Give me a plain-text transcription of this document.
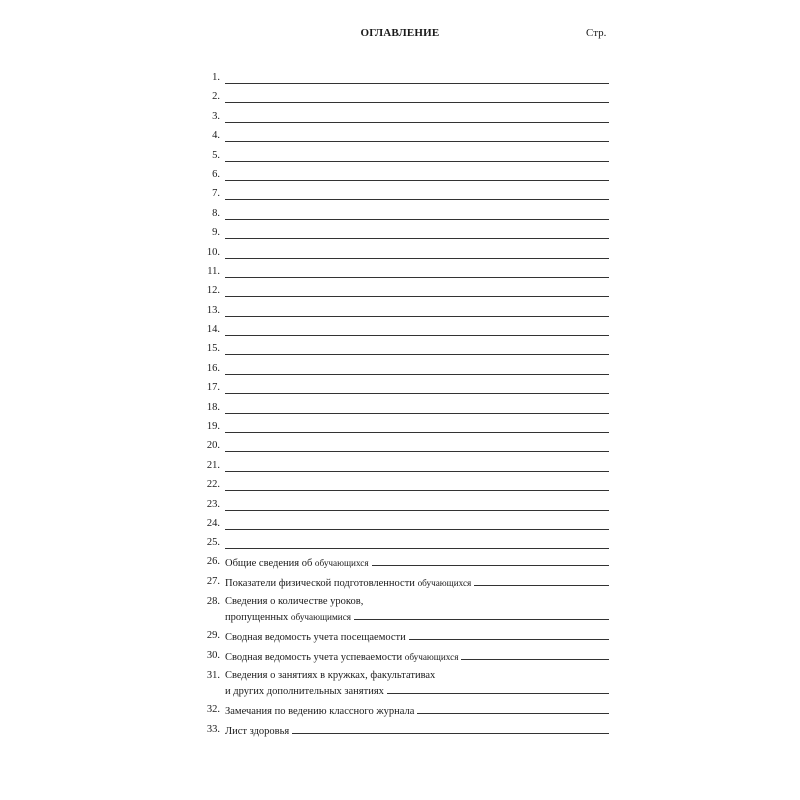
ОГЛАВЛЕНИЕ	Стр.
1.
2.
3.
4.
5.
6.
7.
8.
9.
10.
11.
12.
13.
14.
15.
16.
17.
18.
19.
20.
21.
22.
23.
24.
25.
26. Общие сведения об
обучающихся
27. Показатели физической подготовленности
обучающихся
28. Сведения о количестве уроков,
пропущенных
обучающимися
29. Сводная ведомость учета посещаемости
30. Сводная ведомость учета успеваемости
обучающихся
31. Сведения о занятиях в кружках, факультативах
и других дополнительных занятиях
32. Замечания по ведению классного журнала
33. Лист здоровья
